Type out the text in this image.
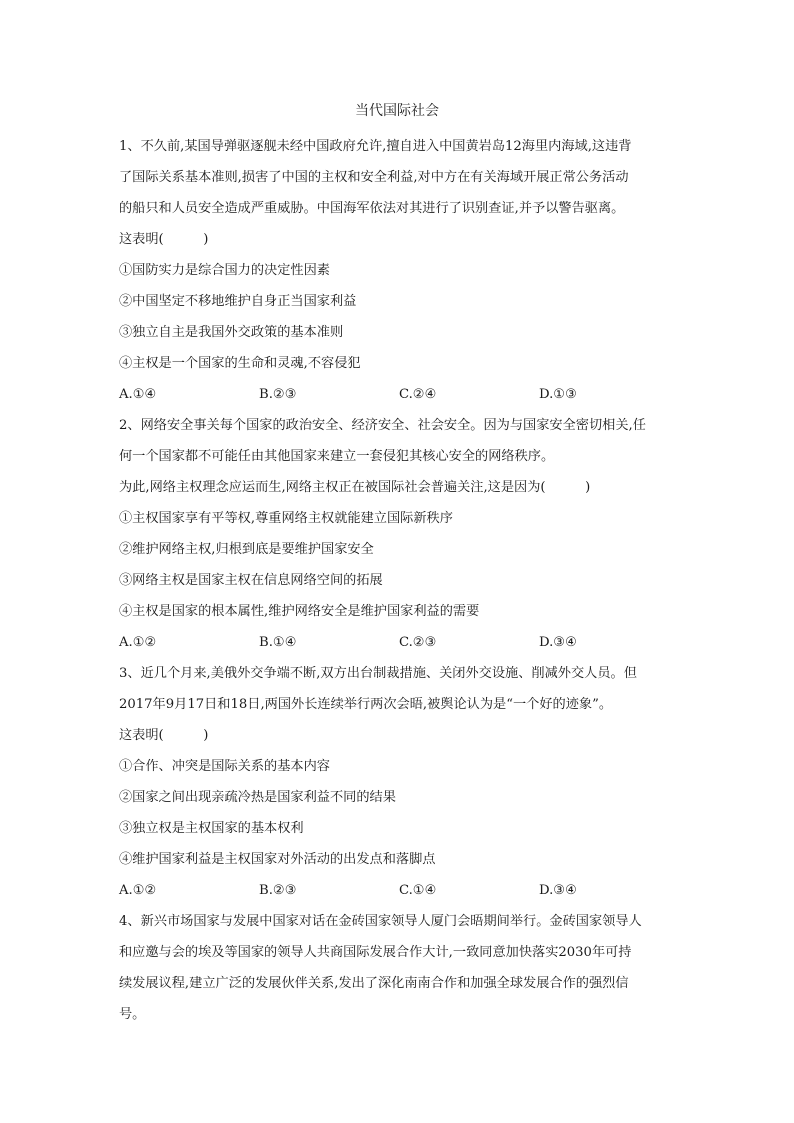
当代国际社会
1、不久前,某国导弹驱逐舰未经中国政府允许,擅自进入中国黄岩岛12海里内海域,这违背
了国际关系基本准则,损害了中国的主权和安全利益,对中方在有关海域开展正常公务活动
的船只和人员安全造成严重威胁。中国海军依法对其进行了识别查证,并予以警告驱离。
这表明(　　　)
①国防实力是综合国力的决定性因素
②中国坚定不移地维护自身正当国家利益
③独立自主是我国外交政策的基本准则
④主权是一个国家的生命和灵魂,不容侵犯
A.①④	B.②③	C.②④	D.①③
2、网络安全事关每个国家的政治安全、经济安全、社会安全。因为与国家安全密切相关,任
何一个国家都不可能任由其他国家来建立一套侵犯其核心安全的网络秩序。
为此,网络主权理念应运而生,网络主权正在被国际社会普遍关注,这是因为(　　　)
①主权国家享有平等权,尊重网络主权就能建立国际新秩序
②维护网络主权,归根到底是要维护国家安全
③网络主权是国家主权在信息网络空间的拓展
④主权是国家的根本属性,维护网络安全是维护国家利益的需要
A.①②	B.①④	C.②③	D.③④
3、近几个月来,美俄外交争端不断,双方出台制裁措施、关闭外交设施、削减外交人员。但
2017年9月17日和18日,两国外长连续举行两次会晤,被舆论认为是“一个好的迹象”。
这表明(　　　)
①合作、冲突是国际关系的基本内容
②国家之间出现亲疏冷热是国家利益不同的结果
③独立权是主权国家的基本权利
④维护国家利益是主权国家对外活动的出发点和落脚点
A.①②	B.②③	C.①④	D.③④
4、新兴市场国家与发展中国家对话在金砖国家领导人厦门会晤期间举行。金砖国家领导人
和应邀与会的埃及等国家的领导人共商国际发展合作大计,一致同意加快落实2030年可持
续发展议程,建立广泛的发展伙伴关系,发出了深化南南合作和加强全球发展合作的强烈信
号。
